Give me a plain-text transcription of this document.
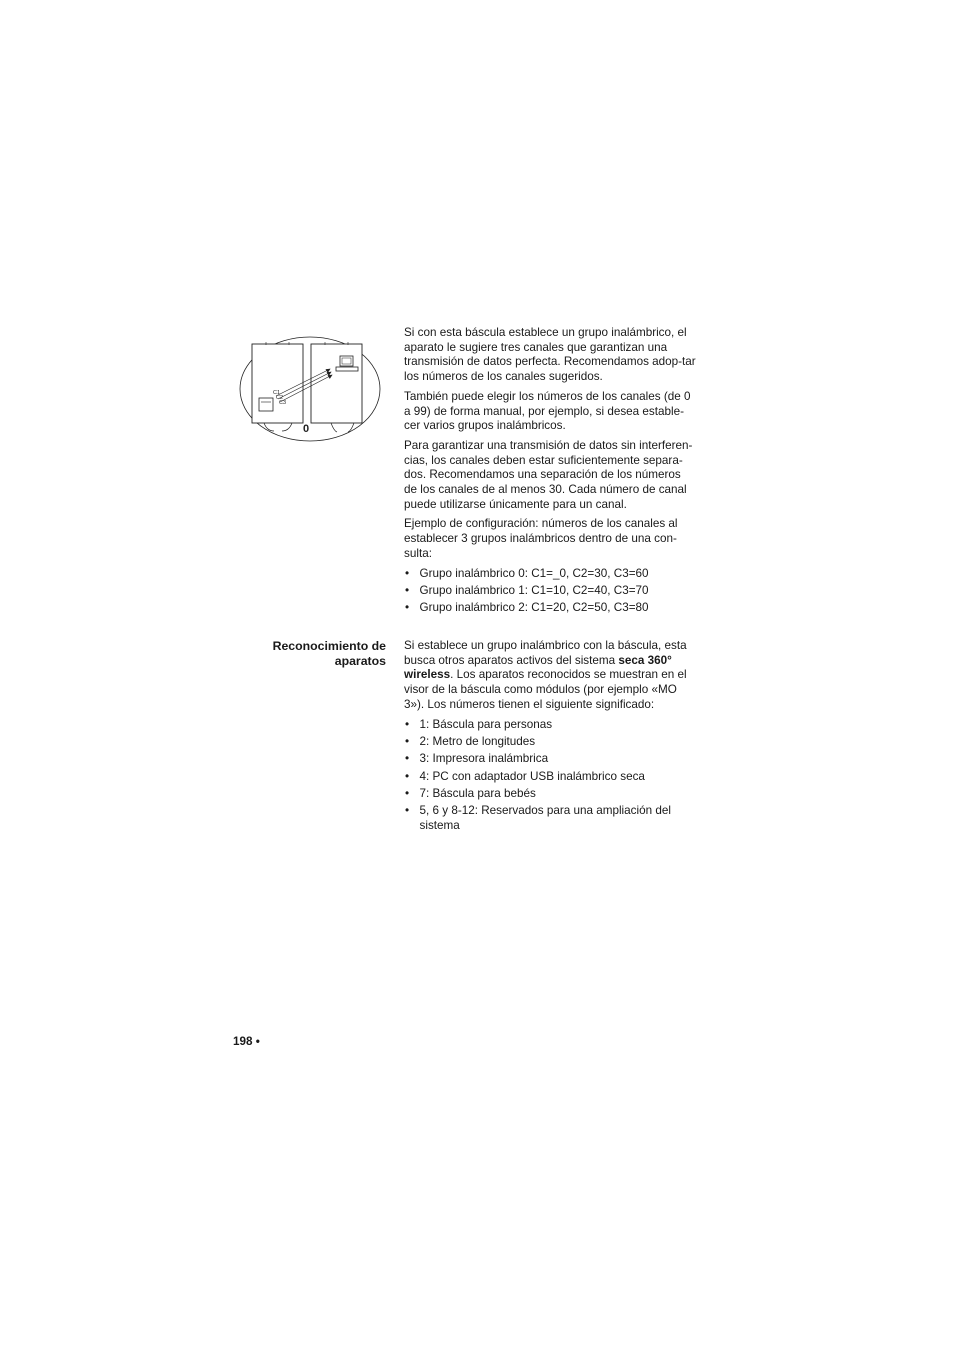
C1
C2
C3
0

Si con esta báscula establece un grupo inalámbrico, el aparato le sugiere tres canales que garantizan una transmisión de datos perfecta. Recomendamos adop-tar los números de los canales sugeridos.

También puede elegir los números de los canales (de 0 a 99) de forma manual, por ejemplo, si desea estable-cer varios grupos inalámbricos.

Para garantizar una transmisión de datos sin interferen-cias, los canales deben estar suficientemente separa-dos. Recomendamos una separación de los números de los canales de al menos 30. Cada número de canal puede utilizarse únicamente para un canal.

Ejemplo de configuración: números de los canales al establecer 3 grupos inalámbricos dentro de una con-sulta:

• Grupo inalámbrico 0: C1=_0, C2=30, C3=60
• Grupo inalámbrico 1: C1=10, C2=40, C3=70
• Grupo inalámbrico 2: C1=20, C2=50, C3=80
Reconocimiento de
aparatos

Si establece un grupo inalámbrico con la báscula, esta busca otros aparatos activos del sistema seca 360° wireless. Los aparatos reconocidos se muestran en el visor de la báscula como módulos (por ejemplo «MO 3»). Los números tienen el siguiente significado:

• 1: Báscula para personas
• 2: Metro de longitudes
• 3: Impresora inalámbrica
• 4: PC con adaptador USB inalámbrico seca
• 7: Báscula para bebés
• 5, 6 y 8-12: Reservados para una ampliación del sistema
198 •
